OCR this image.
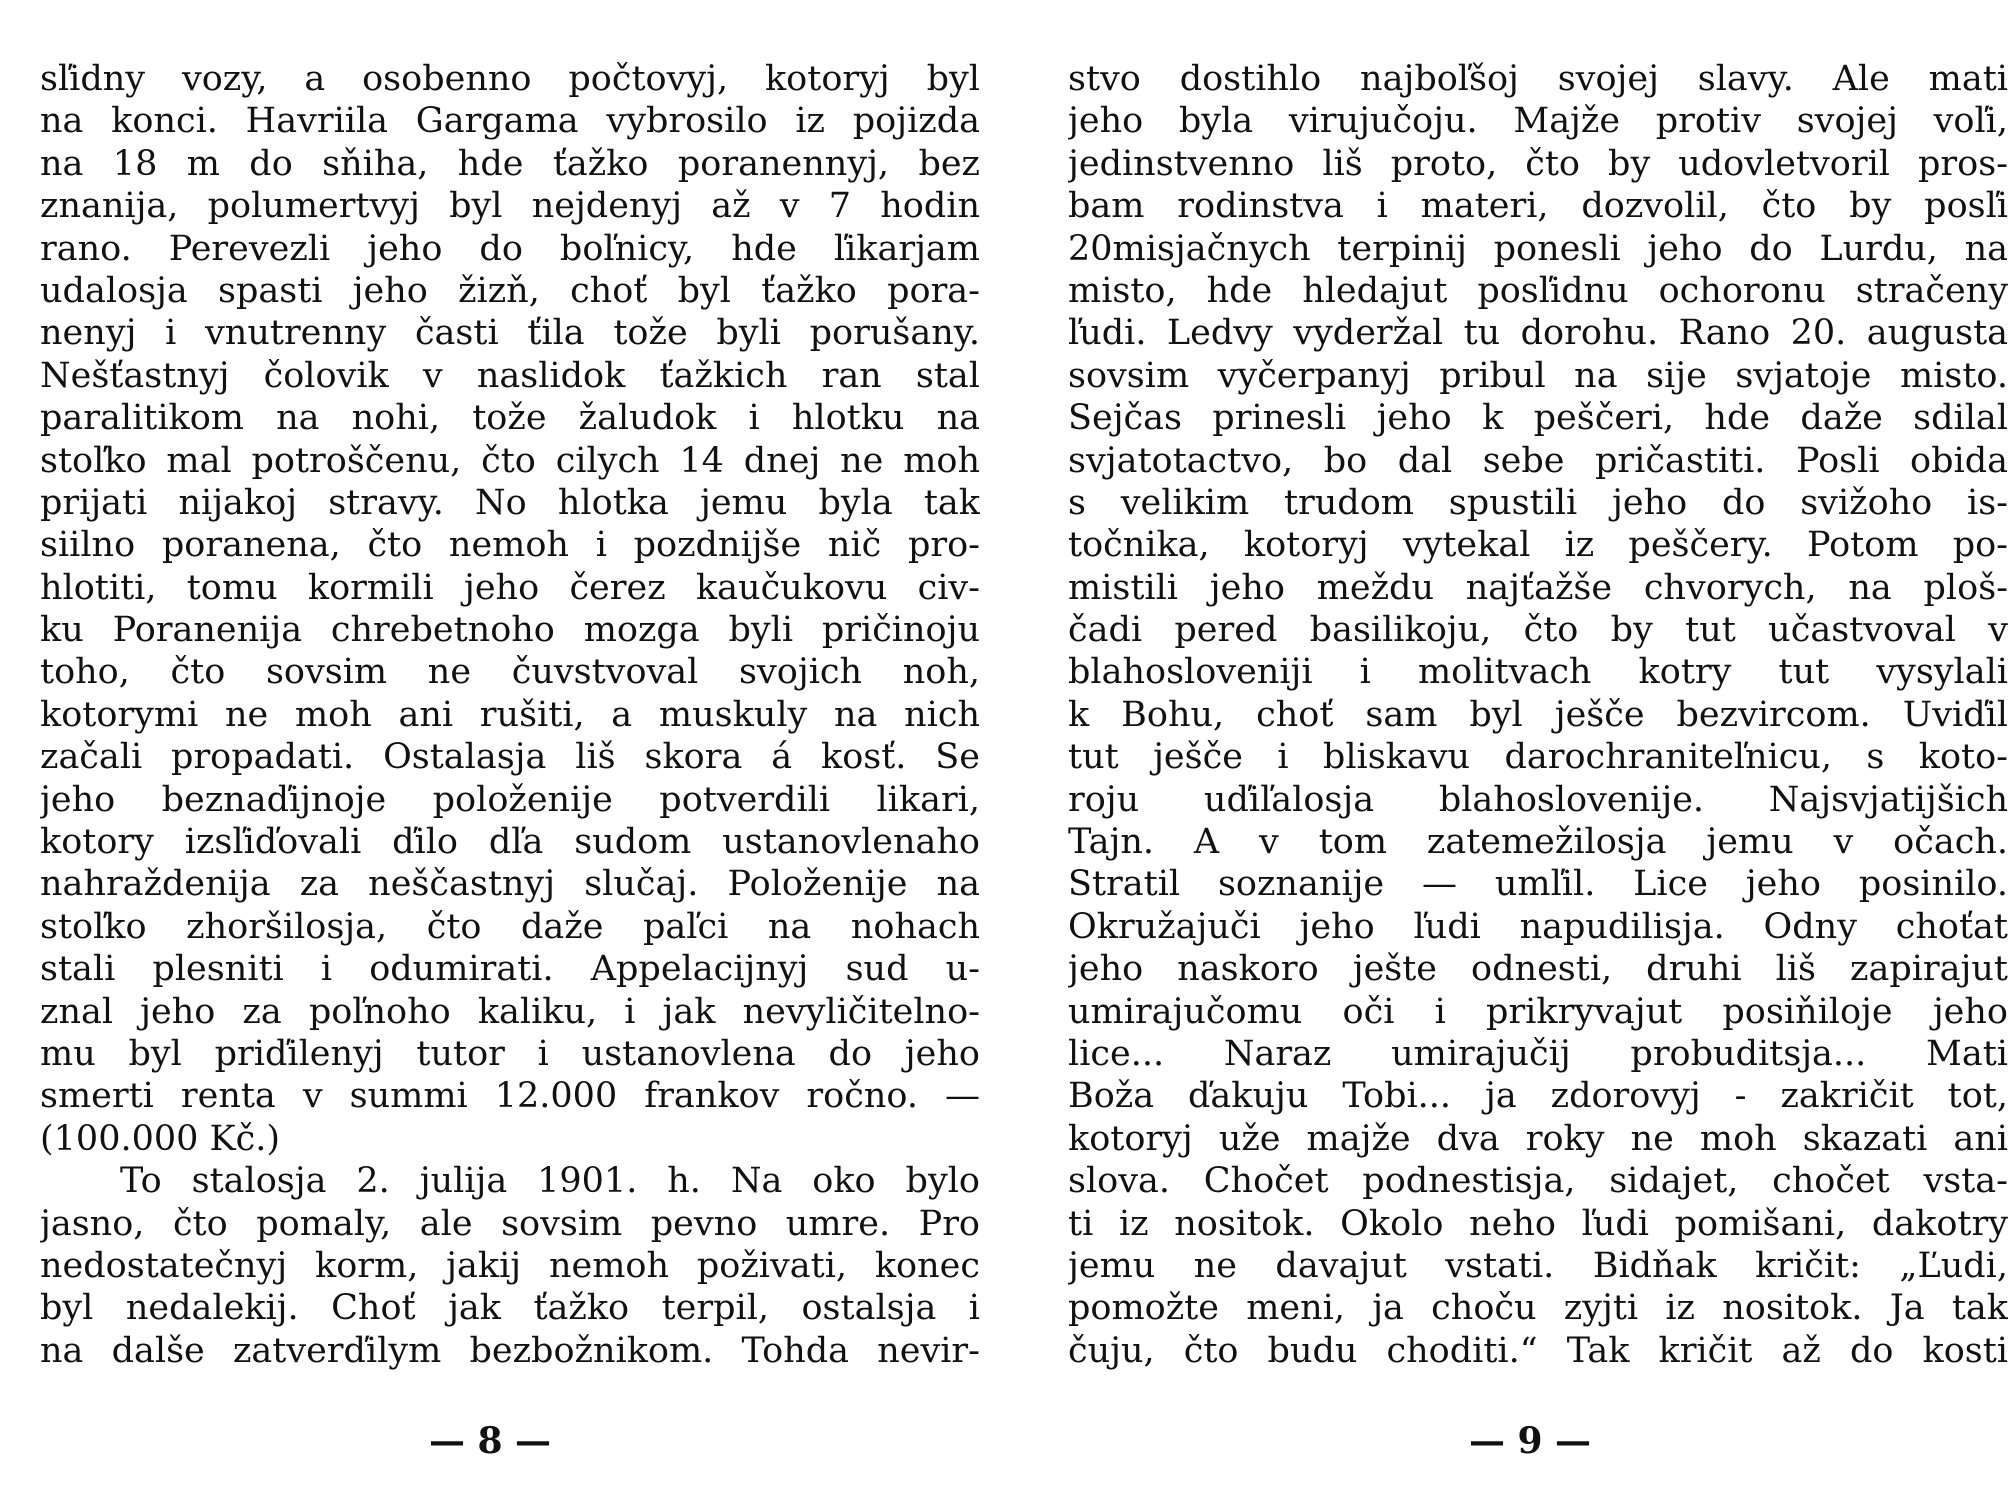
sľidny vozy, a osobenno počtovyj, kotoryj byl
na konci. Havriila Gargama vybrosilo iz pojizda
na 18 m do sňiha, hde ťažko poranennyj, bez
znanija, polumertvyj byl nejdenyj až v 7 hodin
rano. Perevezli jeho do boľnicy, hde ľikarjam
udalosja spasti jeho žizň, choť byl ťažko pora-
nenyj i vnutrenny časti ťila tože byli porušany.
Nešťastnyj čolovik v naslidok ťažkich ran stal
paralitikom na nohi, tože žaludok i hlotku na
stoľko mal potroščenu, čto cilych 14 dnej ne moh
prijati nijakoj stravy. No hlotka jemu byla tak
siilno poranena, čto nemoh i pozdnijše nič pro-
hlotiti, tomu kormili jeho čerez kaučukovu civ-
ku Poranenija chrebetnoho mozga byli pričinoju
toho, čto sovsim ne čuvstvoval svojich noh,
kotorymi ne moh ani rušiti, a muskuly na nich
začali propadati. Ostalasja liš skora á kosť. Se
jeho beznaďijnoje položenije potverdili likari,
kotory izsľiďovali ďilo dľa sudom ustanovlenaho
nahraždenija za neščastnyj slučaj. Položenije na
stoľko zhoršilosja, čto daže paľci na nohach
stali plesniti i odumirati. Appelacijnyj sud u-
znal jeho za poľnoho kaliku, i jak nevyličitelno-
mu byl priďilenyj tutor i ustanovlena do jeho
smerti renta v summi 12.000 frankov ročno. —
(100.000 Kč.)
To stalosja 2. julija 1901. h. Na oko bylo
jasno, čto pomaly, ale sovsim pevno umre. Pro
nedostatečnyj korm, jakij nemoh poživati, konec
byl nedalekij. Choť jak ťažko terpil, ostalsja i
na dalše zatverďilym bezbožnikom. Tohda nevir-
— 8 —
stvo dostihlo najboľšoj svojej slavy. Ale mati
jeho byla virujučoju. Majže protiv svojej voľi,
jedinstvenno liš proto, čto by udovletvoril pros-
bam rodinstva i materi, dozvolil, čto by posľi
20misjačnych terpinij ponesli jeho do Lurdu, na
misto, hde hledajut posľidnu ochoronu stračeny
ľudi. Ledvy vyderžal tu dorohu. Rano 20. augusta
sovsim vyčerpanyj pribul na sije svjatoje misto.
Sejčas prinesli jeho k peščeri, hde daže sdilal
svjatotactvo, bo dal sebe pričastiti. Posli obida
s velikim trudom spustili jeho do svižoho is-
točnika, kotoryj vytekal iz peščery. Potom po-
mistili jeho meždu najťažše chvorych, na ploš-
čadi pered basilikoju, čto by tut učastvoval v
blahosloveniji i molitvach kotry tut vysylali
k Bohu, choť sam byl ješče bezvircom. Uviďil
tut ješče i bliskavu darochraniteľnicu, s koto-
roju uďiľalosja blahoslovenije. Najsvjatijšich
Tajn. A v tom zatemežilosja jemu v očach.
Stratil soznanije — umľil. Lice jeho posinilo.
Okružajuči jeho ľudi napudilisja. Odny choťat
jeho naskoro ješte odnesti, druhi liš zapirajut
umirajučomu oči i prikryvajut posiňiloje jeho
lice... Naraz umirajučij probuditsja... Mati
Boža ďakuju Tobi... ja zdorovyj - zakričit tot,
kotoryj uže majže dva roky ne moh skazati ani
slova. Chočet podnestisja, sidajet, chočet vsta-
ti iz nositok. Okolo neho ľudi pomišani, dakotry
jemu ne davajut vstati. Bidňak kričit: „Ľudi,
pomožte meni, ja choču zyjti iz nositok. Ja tak
čuju, čto budu choditi.“ Tak kričit až do kosti
— 9 —
